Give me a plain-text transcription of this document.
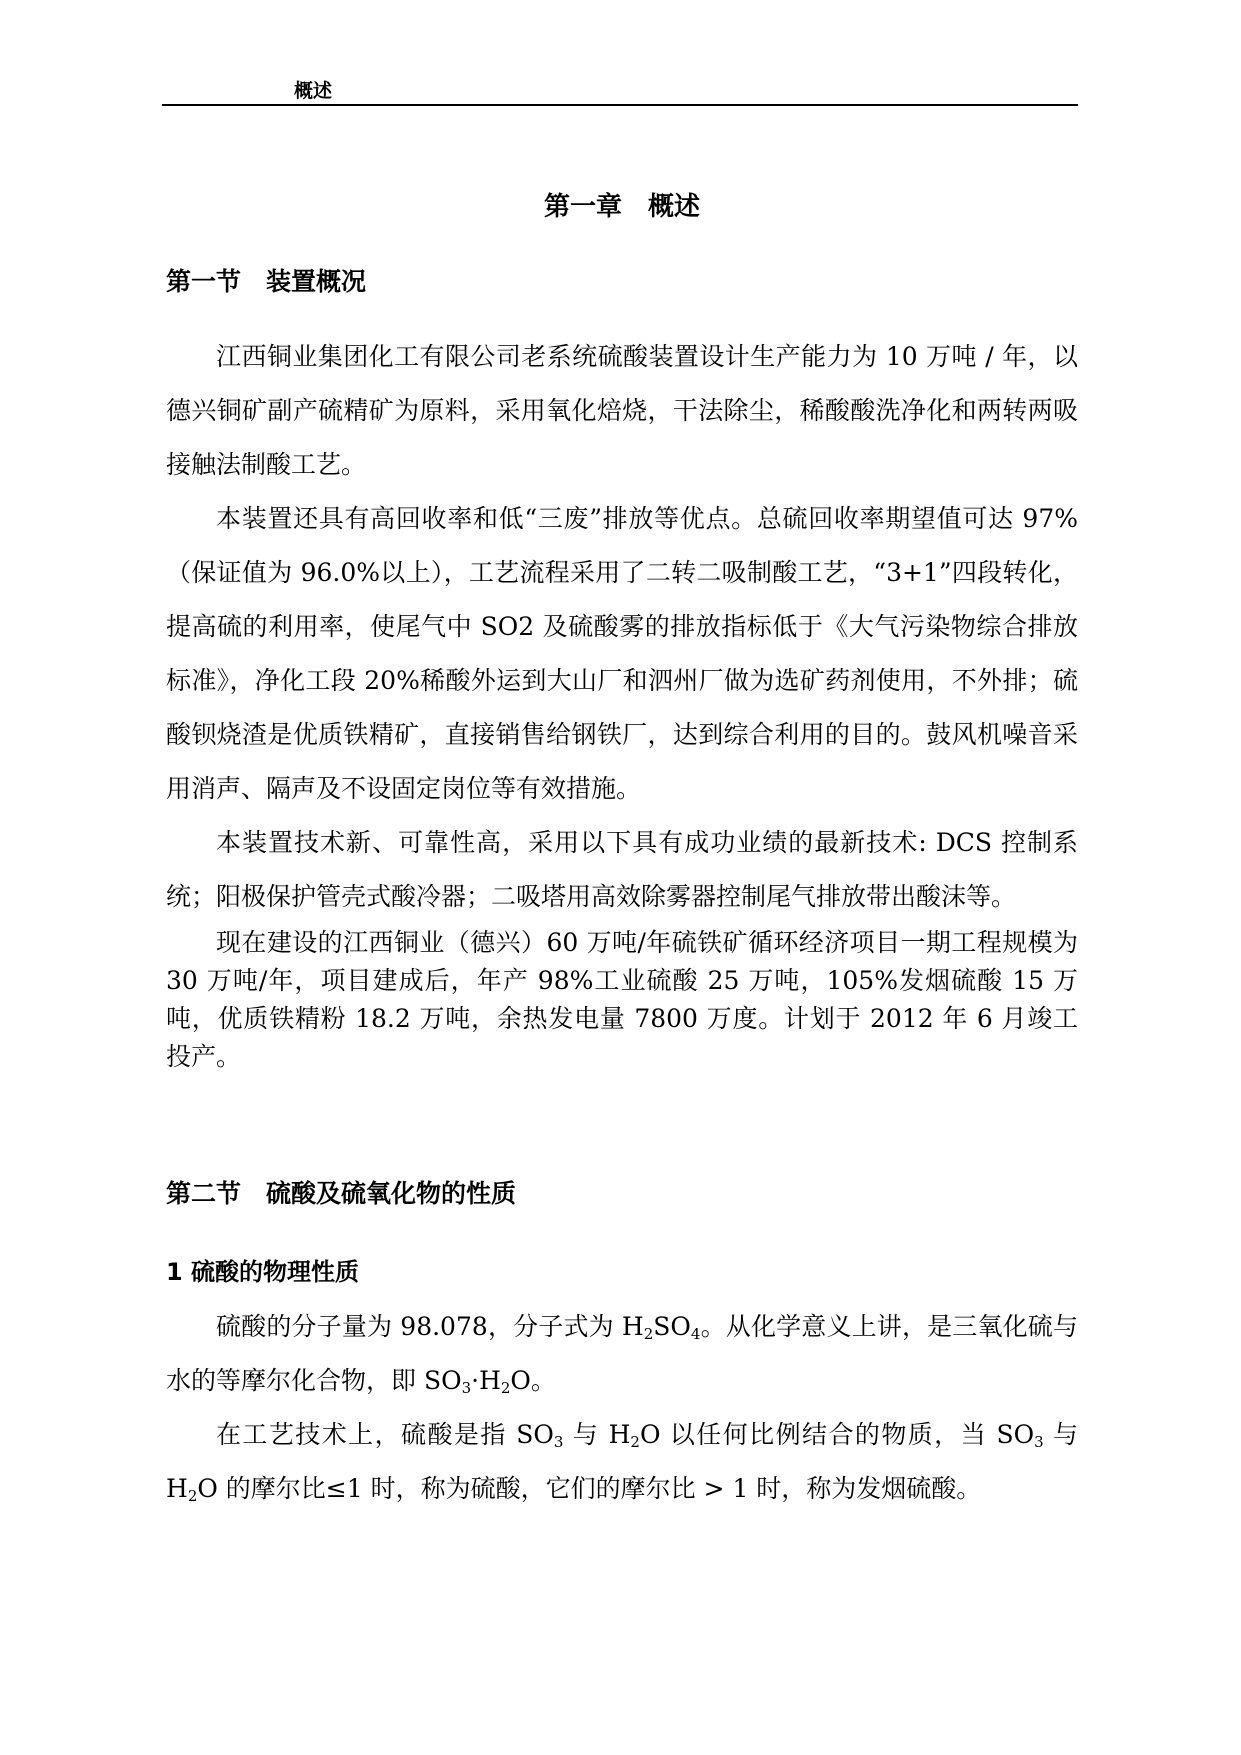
概述

第一章　概述
第一节　装置概况

江西铜业集团化工有限公司老系统硫酸装置设计生产能力为 10 万吨 / 年，以德兴铜矿副产硫精矿为原料，采用氧化焙烧，干法除尘，稀酸酸洗净化和两转两吸接触法制酸工艺。

本装置还具有高回收率和低“三废”排放等优点。总硫回收率期望值可达 97%（保证值为 96.0%以上），工艺流程采用了二转二吸制酸工艺，“3+1”四段转化，提高硫的利用率，使尾气中 SO2 及硫酸雾的排放指标低于《大气污染物综合排放标准》，净化工段 20%稀酸外运到大山厂和泗州厂做为选矿药剂使用，不外排；硫酸钡烧渣是优质铁精矿，直接销售给钢铁厂，达到综合利用的目的。鼓风机噪音采用消声、隔声及不设固定岗位等有效措施。

本装置技术新、可靠性高，采用以下具有成功业绩的最新技术: DCS 控制系统；阳极保护管壳式酸冷器；二吸塔用高效除雾器控制尾气排放带出酸沫等。

现在建设的江西铜业（德兴）60 万吨/年硫铁矿循环经济项目一期工程规模为 30 万吨/年，项目建成后，年产 98%工业硫酸 25 万吨，105%发烟硫酸 15 万吨，优质铁精粉 18.2 万吨，余热发电量 7800 万度。计划于 2012 年 6 月竣工投产。

第二节　硫酸及硫氧化物的性质
1 硫酸的物理性质

硫酸的分子量为 98.078，分子式为 $H_2SO_4$。从化学意义上讲，是三氧化硫与水的等摩尔化合物，即 $SO_3\cdot H_2O$。

在工艺技术上，硫酸是指 $SO_3$ 与 $H_2O$ 以任何比例结合的物质，当 $SO_3$ 与 $H_2O$ 的摩尔比≤1 时，称为硫酸，它们的摩尔比 > 1 时，称为发烟硫酸。
